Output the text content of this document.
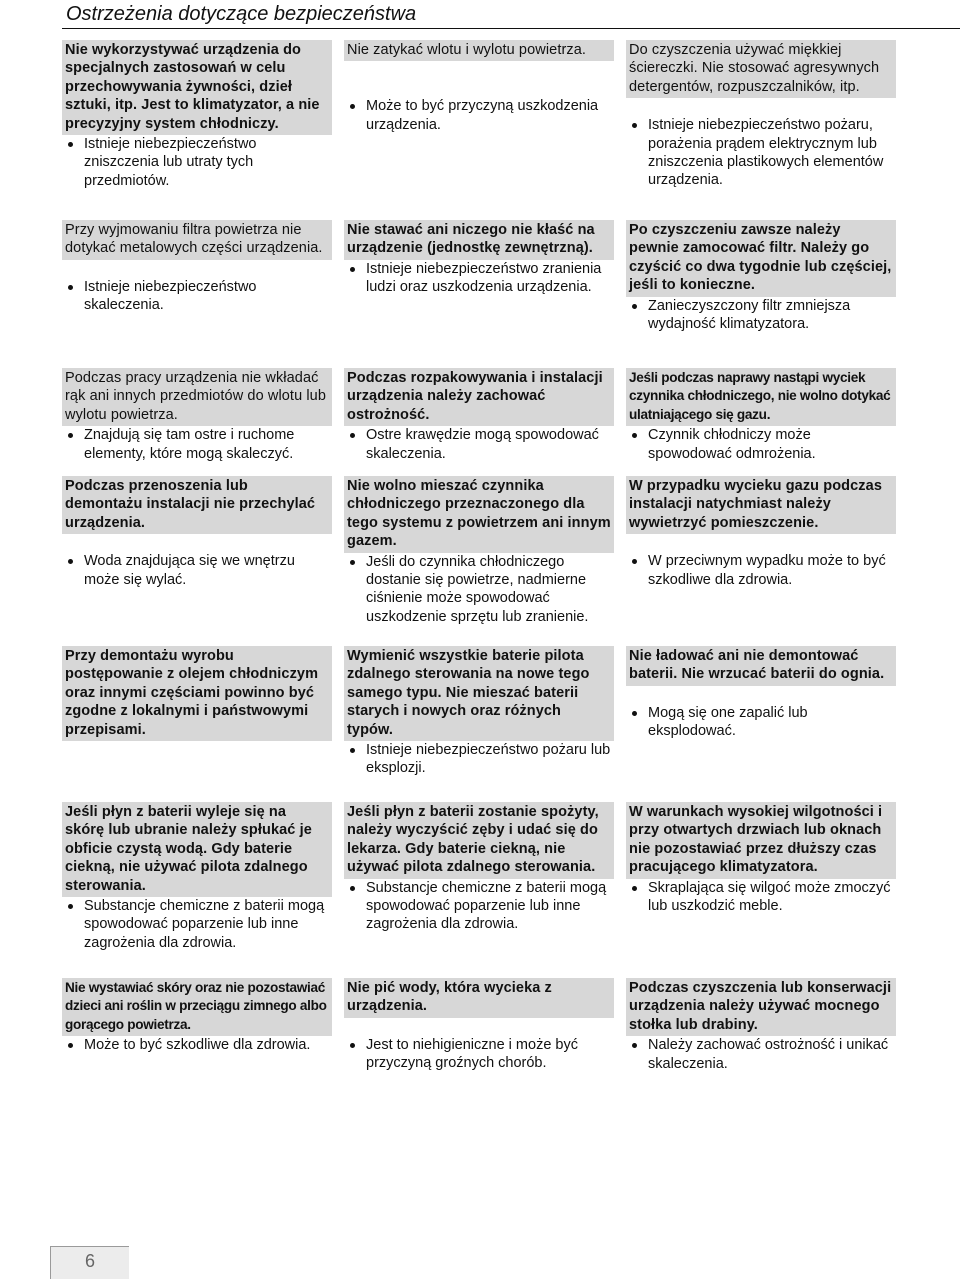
Ostrzeżenia dotyczące bezpieczeństwa
Nie wykorzystywać urządzenia do specjalnych zastosowań w celu przechowywania żywności, dzieł sztuki, itp. Jest to klimatyzator, a nie precyzyjny system chłodniczy.
Istnieje niebezpieczeństwo zniszczenia lub utraty tych przedmiotów.
Nie zatykać wlotu i wylotu powietrza.
Może to być przyczyną uszkodzenia urządzenia.
Do czyszczenia używać miękkiej ściereczki. Nie stosować agresywnych detergentów, rozpuszczalników, itp.
Istnieje niebezpieczeństwo pożaru, porażenia prądem elektrycznym lub zniszczenia plastikowych elementów urządzenia.
Przy wyjmowaniu filtra powietrza nie dotykać metalowych części urządzenia.
Istnieje niebezpieczeństwo skaleczenia.
Nie stawać ani niczego nie kłaść na urządzenie (jednostkę zewnętrzną).
Istnieje niebezpieczeństwo zranienia ludzi oraz uszkodzenia urządzenia.
Po czyszczeniu zawsze należy pewnie zamocować filtr. Należy go czyścić co dwa tygodnie lub częściej, jeśli to konieczne.
Zanieczyszczony filtr zmniejsza wydajność klimatyzatora.
Podczas pracy urządzenia nie wkładać rąk ani innych przedmiotów do wlotu lub wylotu powietrza.
Znajdują się tam ostre i ruchome elementy, które mogą skaleczyć.
Podczas rozpakowywania i instalacji urządzenia należy zachować ostrożność.
Ostre krawędzie mogą spowodować skaleczenia.
Jeśli podczas naprawy nastąpi wyciek czynnika chłodniczego, nie wolno dotykać ulatniającego się gazu.
Czynnik chłodniczy może spowodować odmrożenia.
Podczas przenoszenia lub demontażu instalacji nie przechylać urządzenia.
Woda znajdująca się we wnętrzu może się wylać.
Nie wolno mieszać czynnika chłodniczego przeznaczonego dla tego systemu z powietrzem ani innym gazem.
Jeśli do czynnika chłodniczego dostanie się powietrze, nadmierne ciśnienie może spowodować uszkodzenie sprzętu lub zranienie.
W przypadku wycieku gazu podczas instalacji natychmiast należy wywietrzyć pomieszczenie.
W przeciwnym wypadku może to być szkodliwe dla zdrowia.
Przy demontażu wyrobu postępowanie z olejem chłodniczym oraz innymi częściami powinno być zgodne z lokalnymi i państwowymi przepisami.
Wymienić wszystkie baterie pilota zdalnego sterowania na nowe tego samego typu. Nie mieszać baterii starych i nowych oraz różnych typów.
Istnieje niebezpieczeństwo pożaru lub eksplozji.
Nie ładować ani nie demontować baterii. Nie wrzucać baterii do ognia.
Mogą się one zapalić lub eksplodować.
Jeśli płyn z baterii wyleje się na skórę lub ubranie należy spłukać je obficie czystą wodą. Gdy baterie ciekną, nie używać pilota zdalnego sterowania.
Substancje chemiczne z baterii mogą spowodować poparzenie lub inne zagrożenia dla zdrowia.
Jeśli płyn z baterii zostanie spożyty, należy wyczyścić zęby i udać się do lekarza. Gdy baterie ciekną, nie używać pilota zdalnego sterowania.
Substancje chemiczne z baterii mogą spowodować poparzenie lub inne zagrożenia dla zdrowia.
W warunkach wysokiej wilgotności i przy otwartych drzwiach lub oknach nie pozostawiać przez dłuższy czas pracującego klimatyzatora.
Skraplająca się wilgoć może zmoczyć lub uszkodzić meble.
Nie wystawiać skóry oraz nie pozostawiać dzieci ani roślin w przeciągu zimnego albo gorącego powietrza.
Może to być szkodliwe dla zdrowia.
Nie pić wody, która wycieka z urządzenia.
Jest to niehigieniczne i może być przyczyną groźnych chorób.
Podczas czyszczenia lub konserwacji urządzenia należy używać mocnego stołka lub drabiny.
Należy zachować ostrożność i unikać skaleczenia.
6
